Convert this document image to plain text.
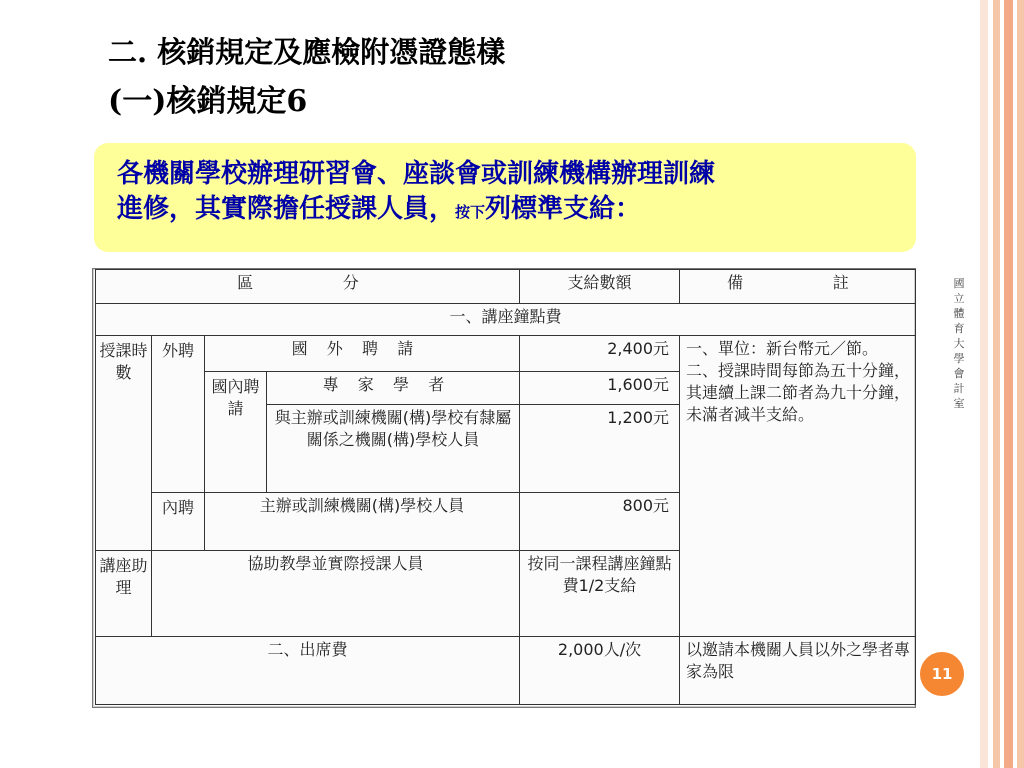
二. 核銷規定及應檢附憑證態樣
(一)核銷規定6
各機關學校辦理研習會、座談會或訓練機構辦理訓練
進修，其實際擔任授課人員，按下列標準支給：
區　　分				支給數額	備　　註
一、講座鐘點費					
授課時數	外聘	國外聘請		2,400元	一、單位：新台幣元／節。
二、授課時間每節為五十分鐘，其連續上課二節者為九十分鐘，未滿者減半支給。

		國內聘請	專家學者	1,600元	
			與主辦或訓練機關(構)學校有隸屬關係之機關(構)學校人員	1,200元	
	內聘	主辦或訓練機關(構)學校人員		800元	
講座助理	協助教學並實際授課人員			按同一課程講座鐘點費1/2支給	
二、出席費				2,000人/次	以邀請本機關人員以外之學者專家為限
國立體育大學會計室
11
